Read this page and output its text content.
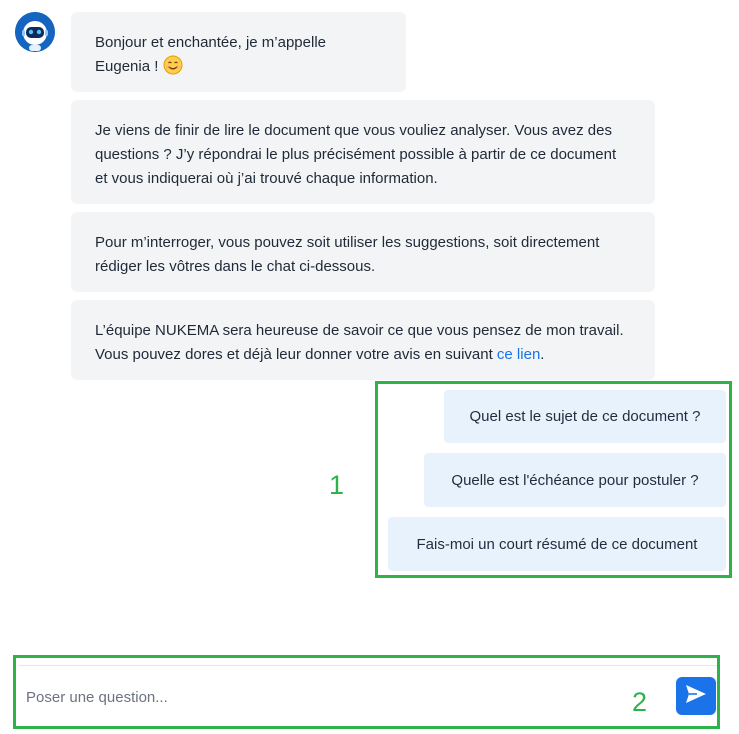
Bonjour et enchantée, je m’appelle Eugenia !
Je viens de finir de lire le document que vous vouliez analyser. Vous avez des questions ? J’y répondrai le plus précisément possible à partir de ce document et vous indiquerai où j’ai trouvé chaque information.
Pour m’interroger, vous pouvez soit utiliser les suggestions, soit directement rédiger les vôtres dans le chat ci-dessous.
L’équipe NUKEMA sera heureuse de savoir ce que vous pensez de mon travail. Vous pouvez dores et déjà leur donner votre avis en suivant ce lien.
Quel est le sujet de ce document ?
Quelle est l'échéance pour postuler ?
Fais-moi un court résumé de ce document
1
Poser une question...
2
